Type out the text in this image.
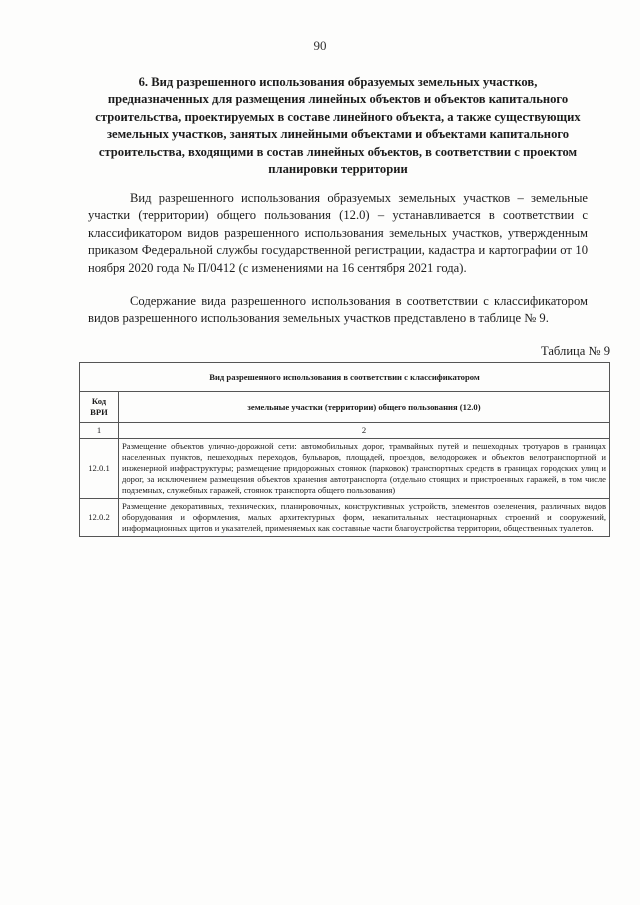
90
6. Вид разрешенного использования образуемых земельных участков, предназначенных для размещения линейных объектов и объектов капитального строительства, проектируемых в составе линейного объекта, а также существующих земельных участков, занятых линейными объектами и объектами капитального строительства, входящими в состав линейных объектов, в соответствии с проектом планировки территории

Вид разрешенного использования образуемых земельных участков – земельные участки (территории) общего пользования (12.0) – устанавливается в соответствии с классификатором видов разрешенного использования земельных участков, утвержденным приказом Федеральной службы государственной регистрации, кадастра и картографии от 10 ноября 2020 года № П/0412 (с изменениями на 16 сентября 2021 года).

Содержание вида разрешенного использования в соответствии с классификатором видов разрешенного использования земельных участков представлено в таблице № 9.

Таблица № 9
Вид разрешенного использования в соответствии с классификатором	
Код ВРИ	земельные участки (территории) общего пользования (12.0)
1	2
12.0.1	Размещение объектов улично-дорожной сети: автомобильных дорог, трамвайных путей и пешеходных тротуаров в границах населенных пунктов, пешеходных переходов, бульваров, площадей, проездов, велодорожек и объектов велотранспортной и инженерной инфраструктуры; размещение придорожных стоянок (парковок) транспортных средств в границах городских улиц и дорог, за исключением размещения объектов хранения автотранспорта (отдельно стоящих и пристроенных гаражей, в том числе подземных, служебных гаражей, стоянок транспорта общего пользования)
12.0.2	Размещение декоративных, технических, планировочных, конструктивных устройств, элементов озеленения, различных видов оборудования и оформления, малых архитектурных форм, некапитальных нестационарных строений и сооружений, информационных щитов и указателей, применяемых как составные части благоустройства территории, общественных туалетов.
